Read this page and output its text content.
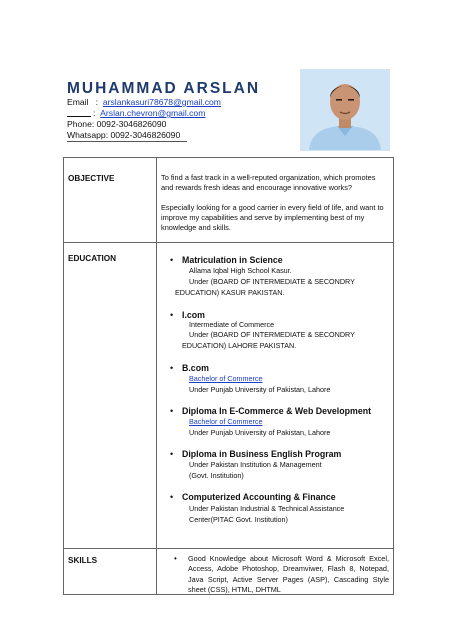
MUHAMMAD ARSLAN
Email : arslankasuri78678@gmail.com
: Arslan.chevron@gmail.com
Phone: 0092-3046826090
Whatsapp: 0092-3046826090
OBJECTIVE	To find a fast track in a well-reputed organization, which promotes and rewards fresh ideas and encourage innovative works?
Especially looking for a good carrier in every field of life, and want to improve my capabilities and serve by implementing best of my knowledge and skills.
EDUCATION	• Matriculation in Science
Allama Iqbal High School Kasur.
Under (BOARD OF INTERMEDIATE & SECONDRY
EDUCATION) KASUR PAKISTAN.
• I.com
Intermediate of Commerce
Under (BOARD OF INTERMEDIATE & SECONDRY
EDUCATION) LAHORE PAKISTAN.
• B.com
Bachelor of Commerce
Under Punjab University of Pakistan, Lahore
• Diploma In E-Commerce & Web Development
Bachelor of Commerce
Under Punjab University of Pakistan, Lahore
• Diploma in Business English Program
Under Pakistan Institution & Management
(Govt. Institution)
• Computerized Accounting & Finance
Under Pakistan Industrial & Technical Assistance
Center(PITAC Govt. Institution)
SKILLS	• Good Knowledge about Microsoft Word & Microsoft Excel, Access, Adobe Photoshop, Dreamviwer, Flash 8, Notepad, Java Script, Active Server Pages (ASP), Cascading Style sheet (CSS), HTML, DHTML
